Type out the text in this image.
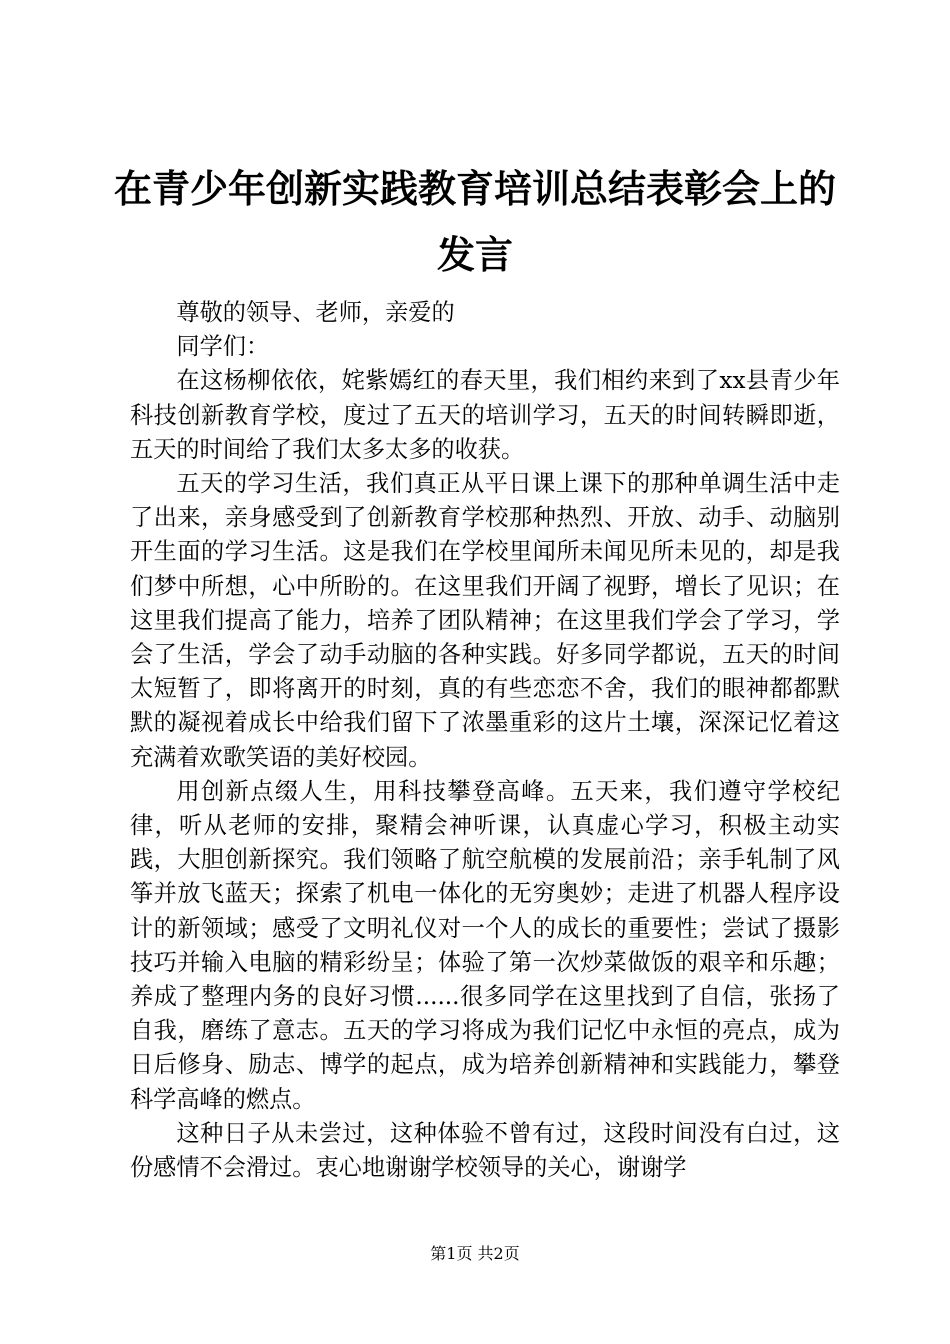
在青少年创新实践教育培训总结表彰会上的发言

尊敬的领导、老师，亲爱的

同学们：

在这杨柳依依，姹紫嫣红的春天里，我们相约来到了xx县青少年科技创新教育学校，度过了五天的培训学习，五天的时间转瞬即逝，五天的时间给了我们太多太多的收获。

五天的学习生活，我们真正从平日课上课下的那种单调生活中走了出来，亲身感受到了创新教育学校那种热烈、开放、动手、动脑别开生面的学习生活。这是我们在学校里闻所未闻见所未见的，却是我们梦中所想，心中所盼的。在这里我们开阔了视野，增长了见识；在这里我们提高了能力，培养了团队精神；在这里我们学会了学习，学会了生活，学会了动手动脑的各种实践。好多同学都说，五天的时间太短暂了，即将离开的时刻，真的有些恋恋不舍，我们的眼神都都默默的凝视着成长中给我们留下了浓墨重彩的这片土壤，深深记忆着这充满着欢歌笑语的美好校园。

用创新点缀人生，用科技攀登高峰。五天来，我们遵守学校纪律，听从老师的安排，聚精会神听课，认真虚心学习，积极主动实践，大胆创新探究。我们领略了航空航模的发展前沿；亲手轧制了风筝并放飞蓝天；探索了机电一体化的无穷奥妙；走进了机器人程序设计的新领域；感受了文明礼仪对一个人的成长的重要性；尝试了摄影技巧并输入电脑的精彩纷呈；体验了第一次炒菜做饭的艰辛和乐趣；养成了整理内务的良好习惯......很多同学在这里找到了自信，张扬了自我，磨练了意志。五天的学习将成为我们记忆中永恒的亮点，成为日后修身、励志、博学的起点，成为培养创新精神和实践能力，攀登科学高峰的燃点。

这种日子从未尝过，这种体验不曾有过，这段时间没有白过，这份感情不会滑过。衷心地谢谢学校领导的关心，谢谢学

第1页 共2页
